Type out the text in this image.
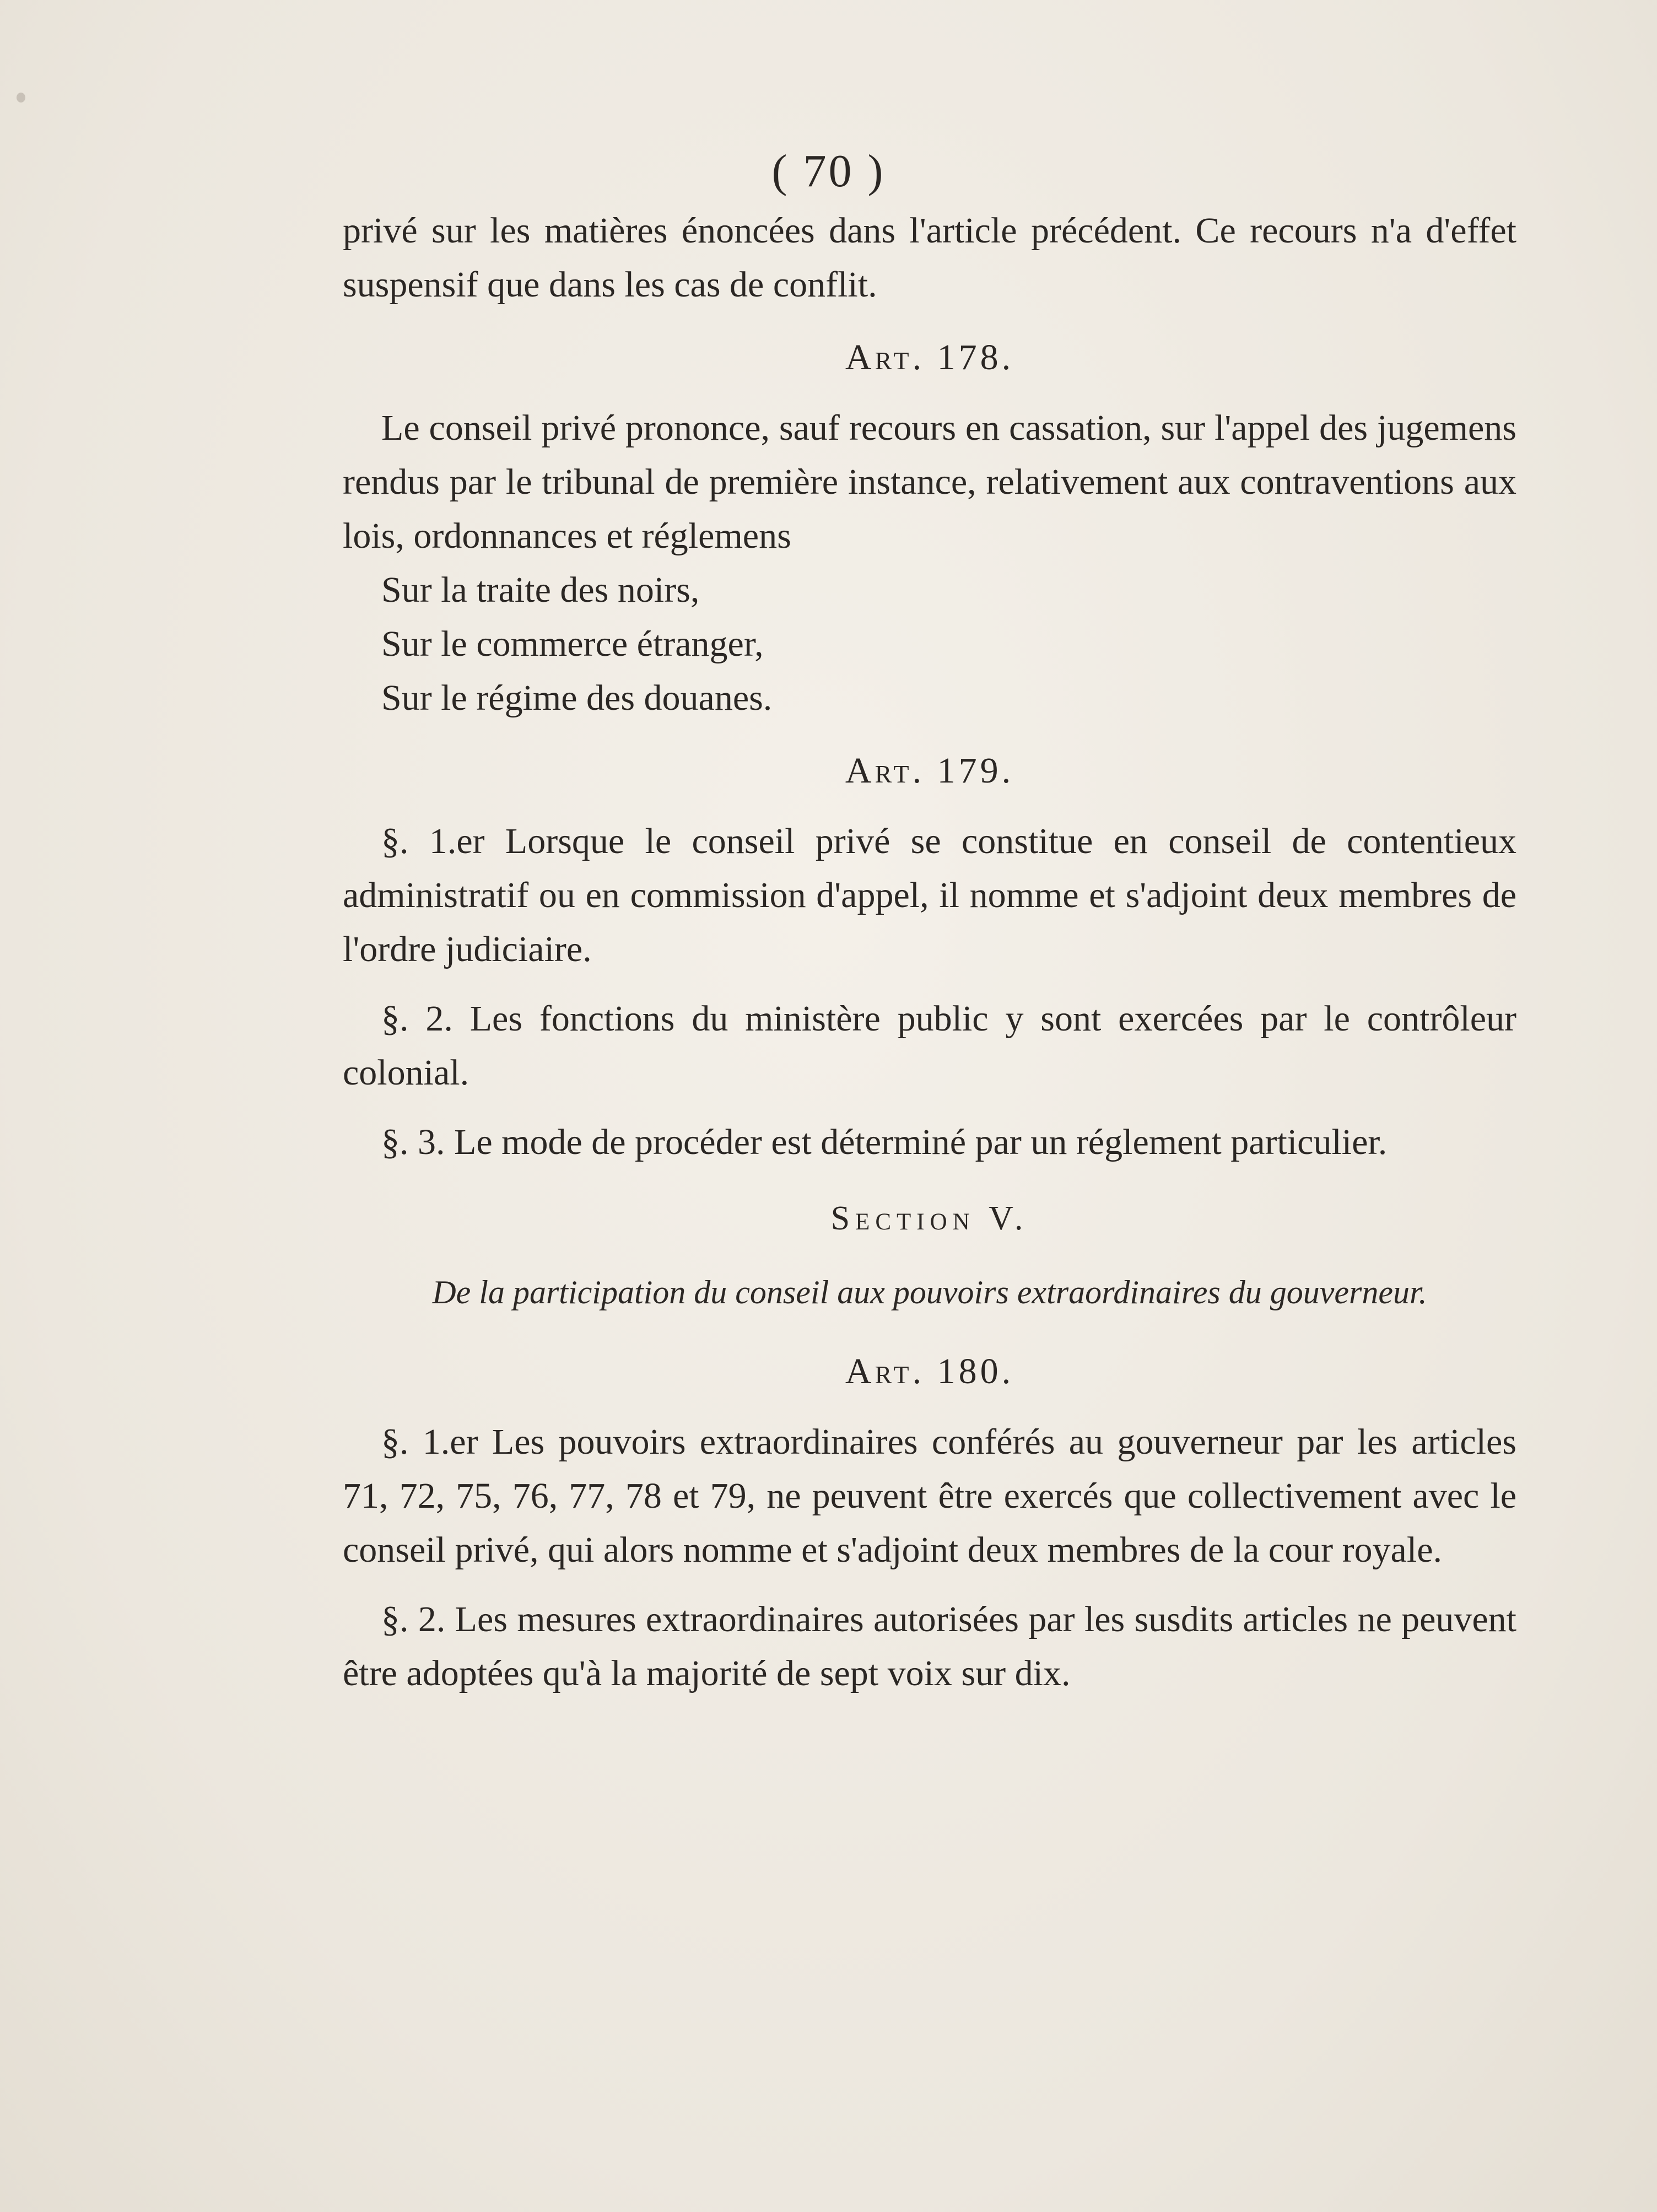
( 70 )

privé sur les matières énoncées dans l'article précédent. Ce recours n'a d'effet suspensif que dans les cas de conflit.

Art. 178.

Le conseil privé prononce, sauf recours en cassation, sur l'appel des jugemens rendus par le tribunal de première instance, relativement aux contraventions aux lois, ordonnances et réglemens

Sur la traite des noirs,
Sur le commerce étranger,
Sur le régime des douanes.
Art. 179.

§. 1.er Lorsque le conseil privé se constitue en conseil de contentieux administratif ou en commission d'appel, il nomme et s'adjoint deux membres de l'ordre judiciaire.

§. 2. Les fonctions du ministère public y sont exercées par le contrôleur colonial.

§. 3. Le mode de procéder est déterminé par un réglement particulier.

Section V.
De la participation du conseil aux pouvoirs extraordinaires du gouverneur.
Art. 180.

§. 1.er Les pouvoirs extraordinaires conférés au gouverneur par les articles 71, 72, 75, 76, 77, 78 et 79, ne peuvent être exercés que collectivement avec le conseil privé, qui alors nomme et s'adjoint deux membres de la cour royale.

§. 2. Les mesures extraordinaires autorisées par les susdits articles ne peuvent être adoptées qu'à la majorité de sept voix sur dix.
